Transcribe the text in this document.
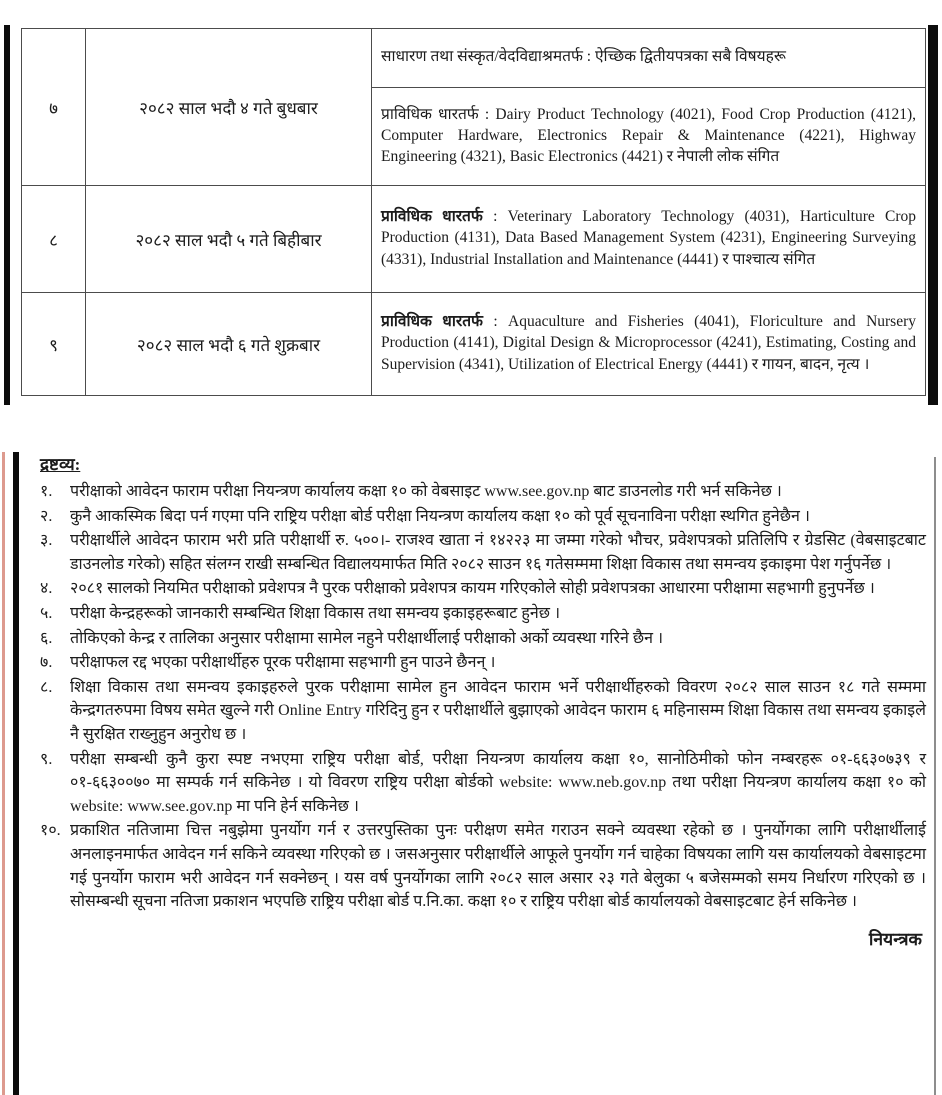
७	२०८२ साल भदौ ४ गते बुधबार	साधारण तथा संस्कृत/वेदविद्याश्रमतर्फ : ऐच्छिक द्वितीयपत्रका सबै विषयहरू
		प्राविधिक धारतर्फ : Dairy Product Technology (4021), Food Crop Production (4121), Computer Hardware, Electronics Repair & Maintenance (4221), Highway Engineering (4321), Basic Electronics (4421) र नेपाली लोक संगित
८	२०८२ साल भदौ ५ गते बिहीबार	प्राविधिक धारतर्फ : Veterinary Laboratory Technology (4031), Harticulture Crop Production (4131), Data Based Management System (4231), Engineering Surveying (4331), Industrial Installation and Maintenance (4441) र पाश्चात्य संगित
९	२०८२ साल भदौ ६ गते शुक्रबार	प्राविधिक धारतर्फ : Aquaculture and Fisheries (4041), Floriculture and Nursery Production (4141), Digital Design & Microprocessor (4241), Estimating, Costing and Supervision (4341), Utilization of Electrical Energy (4441) र गायन, बादन, नृत्य ।
द्रष्टव्य:
१.	परीक्षाको आवेदन फाराम परीक्षा नियन्त्रण कार्यालय कक्षा १० को वेबसाइट www.see.gov.np बाट डाउनलोड गरी भर्न सकिनेछ ।
२.	कुनै आकस्मिक बिदा पर्न गएमा पनि राष्ट्रिय परीक्षा बोर्ड परीक्षा नियन्त्रण कार्यालय कक्षा १० को पूर्व सूचनाविना परीक्षा स्थगित हुनेछैन ।
३.	परीक्षार्थीले आवेदन फाराम भरी प्रति परीक्षार्थी रु. ५००।- राजश्व खाता नं १४२२३ मा जम्मा गरेको भौचर, प्रवेशपत्रको प्रतिलिपि र ग्रेडसिट (वेबसाइटबाट डाउनलोड गरेको) सहित संलग्न राखी सम्बन्धित विद्यालयमार्फत मिति २०८२ साउन १६ गतेसम्ममा शिक्षा विकास तथा समन्वय इकाइमा पेश गर्नुपर्नेछ ।
४.	२०८१ सालको नियमित परीक्षाको प्रवेशपत्र नै पुरक परीक्षाको प्रवेशपत्र कायम गरिएकोले सोही प्रवेशपत्रका आधारमा परीक्षामा सहभागी हुनुपर्नेछ ।
५.	परीक्षा केन्द्रहरूको जानकारी सम्बन्धित शिक्षा विकास तथा समन्वय इकाइहरूबाट हुनेछ ।
६.	तोकिएको केन्द्र र तालिका अनुसार परीक्षामा सामेल नहुने परीक्षार्थीलाई परीक्षाको अर्को व्यवस्था गरिने छैन ।
७.	परीक्षाफल रद्द भएका परीक्षार्थीहरु पूरक परीक्षामा सहभागी हुन पाउने छैनन् ।
८.	शिक्षा विकास तथा समन्वय इकाइहरुले पुरक परीक्षामा सामेल हुन आवेदन फाराम भर्ने परीक्षार्थीहरुको विवरण २०८२ साल साउन १८ गते सम्ममा केन्द्रगतरुपमा विषय समेत खुल्ने गरी Online Entry गरिदिनु हुन र परीक्षार्थीले बुझाएको आवेदन फाराम ६ महिनासम्म शिक्षा विकास तथा समन्वय इकाइले नै सुरक्षित राख्नुहुन अनुरोध छ ।
९.	परीक्षा सम्बन्धी कुनै कुरा स्पष्ट नभएमा राष्ट्रिय परीक्षा बोर्ड, परीक्षा नियन्त्रण कार्यालय कक्षा १०, सानोठिमीको फोन नम्बरहरू ०१-६६३०७३९ र ०१-६६३००७० मा सम्पर्क गर्न सकिनेछ । यो विवरण राष्ट्रिय परीक्षा बोर्डको website: www.neb.gov.np तथा परीक्षा नियन्त्रण कार्यालय कक्षा १० को website: www.see.gov.np मा पनि हेर्न सकिनेछ ।
१०. प्रकाशित नतिजामा चित्त नबुझेमा पुनर्योग गर्न र उत्तरपुस्तिका पुनः परीक्षण समेत गराउन सक्ने व्यवस्था रहेको छ । पुनर्योगका लागि परीक्षार्थीलाई अनलाइनमार्फत आवेदन गर्न सकिने व्यवस्था गरिएको छ । जसअनुसार परीक्षार्थीले आफूले पुनर्योग गर्न चाहेका विषयका लागि यस कार्यालयको वेबसाइटमा गई पुनर्योग फाराम भरी आवेदन गर्न सक्नेछन् । यस वर्ष पुनर्योगका लागि २०८२ साल असार २३ गते बेलुका ५ बजेसम्मको समय निर्धारण गरिएको छ । सोसम्बन्धी सूचना नतिजा प्रकाशन भएपछि राष्ट्रिय परीक्षा बोर्ड प.नि.का. कक्षा १० र राष्ट्रिय परीक्षा बोर्ड कार्यालयको वेबसाइटबाट हेर्न सकिनेछ ।
नियन्त्रक
